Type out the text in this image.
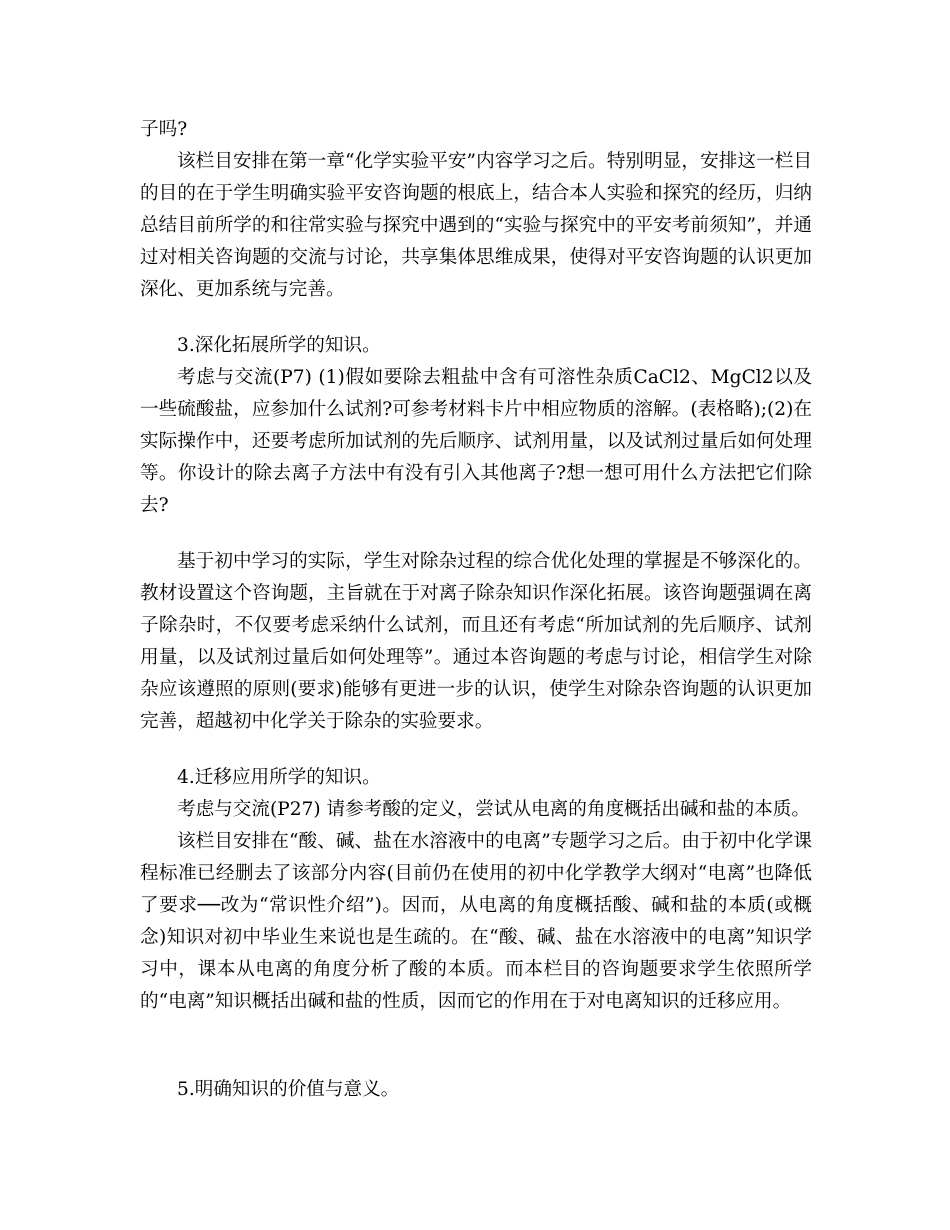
子吗?

该栏目安排在第一章“化学实验平安”内容学习之后。特别明显，安排这一栏目的目的在于学生明确实验平安咨询题的根底上，结合本人实验和探究的经历，归纳总结目前所学的和往常实验与探究中遇到的“实验与探究中的平安考前须知”，并通过对相关咨询题的交流与讨论，共享集体思维成果，使得对平安咨询题的认识更加深化、更加系统与完善。

3.深化拓展所学的知识。

考虑与交流(P7) (1)假如要除去粗盐中含有可溶性杂质CaCl2、MgCl2以及一些硫酸盐，应参加什么试剂?可参考材料卡片中相应物质的溶解。(表格略);(2)在实际操作中，还要考虑所加试剂的先后顺序、试剂用量，以及试剂过量后如何处理等。你设计的除去离子方法中有没有引入其他离子?想一想可用什么方法把它们除去?

基于初中学习的实际，学生对除杂过程的综合优化处理的掌握是不够深化的。教材设置这个咨询题，主旨就在于对离子除杂知识作深化拓展。该咨询题强调在离子除杂时，不仅要考虑采纳什么试剂，而且还有考虑“所加试剂的先后顺序、试剂用量，以及试剂过量后如何处理等”。通过本咨询题的考虑与讨论，相信学生对除杂应该遵照的原则(要求)能够有更进一步的认识，使学生对除杂咨询题的认识更加完善，超越初中化学关于除杂的实验要求。

4.迁移应用所学的知识。

考虑与交流(P27) 请参考酸的定义，尝试从电离的角度概括出碱和盐的本质。

该栏目安排在“酸、碱、盐在水溶液中的电离”专题学习之后。由于初中化学课程标准已经删去了该部分内容(目前仍在使用的初中化学教学大纲对“电离”也降低了要求──改为“常识性介绍”)。因而，从电离的角度概括酸、碱和盐的本质(或概念)知识对初中毕业生来说也是生疏的。在“酸、碱、盐在水溶液中的电离”知识学习中，课本从电离的角度分析了酸的本质。而本栏目的咨询题要求学生依照所学的“电离”知识概括出碱和盐的性质，因而它的作用在于对电离知识的迁移应用。

5.明确知识的价值与意义。
